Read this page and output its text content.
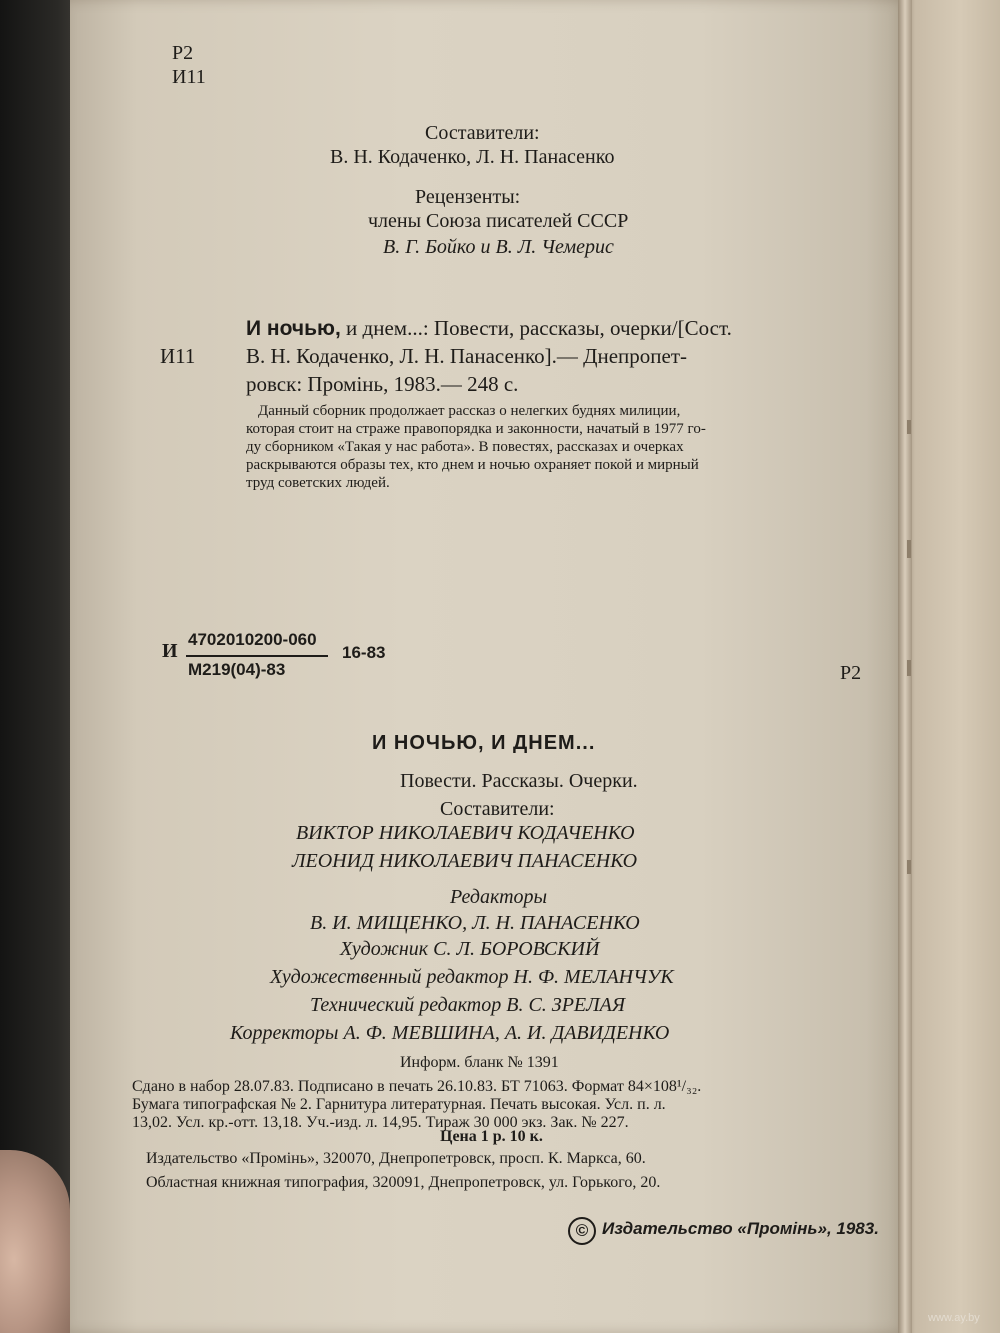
Р2
И11
Составители:
В. Н. Кодаченко, Л. Н. Панасенко
Рецензенты:
члены Союза писателей СССР
В. Г. Бойко и В. Л. Чемерис
И ночью, и днем...: Повести, рассказы, очерки/[Сост.
И11 В. Н. Кодаченко, Л. Н. Панасенко].— Днепропет-
ровск: Промінь, 1983.— 248 с.
Данный сборник продолжает рассказ о нелегких буднях милиции,
которая стоит на страже правопорядка и законности, начатый в 1977 го-
ду сборником «Такая у нас работа». В повестях, рассказах и очерках
раскрываются образы тех, кто днем и ночью охраняет покой и мирный
труд советских людей.
И
4702010200-060
М219(04)-83
16-83
Р2
И НОЧЬЮ, И ДНЕМ...
Повести. Рассказы. Очерки.
Составители:
ВИКТОР НИКОЛАЕВИЧ КОДАЧЕНКО
ЛЕОНИД НИКОЛАЕВИЧ ПАНАСЕНКО
Редакторы
В. И. МИЩЕНКО, Л. Н. ПАНАСЕНКО
Художник С. Л. БОРОВСКИЙ
Художественный редактор Н. Ф. МЕЛАНЧУК
Технический редактор В. С. ЗРЕЛАЯ
Корректоры А. Ф. МЕВШИНА, А. И. ДАВИДЕНКО
Информ. бланк № 1391
Сдано в набор 28.07.83. Подписано в печать 26.10.83. БТ 71063. Формат 84×108¹/₃₂.
Бумага типографская № 2. Гарнитура литературная. Печать высокая. Усл. п. л.
13,02. Усл. кр.-отт. 13,18. Уч.-изд. л. 14,95. Тираж 30 000 экз. Зак. № 227.
Цена 1 р. 10 к.
Издательство «Промінь», 320070, Днепропетровск, просп. К. Маркса, 60.
Областная книжная типография, 320091, Днепропетровск, ул. Горького, 20.
© Издательство «Промінь», 1983.
www.ay.by
